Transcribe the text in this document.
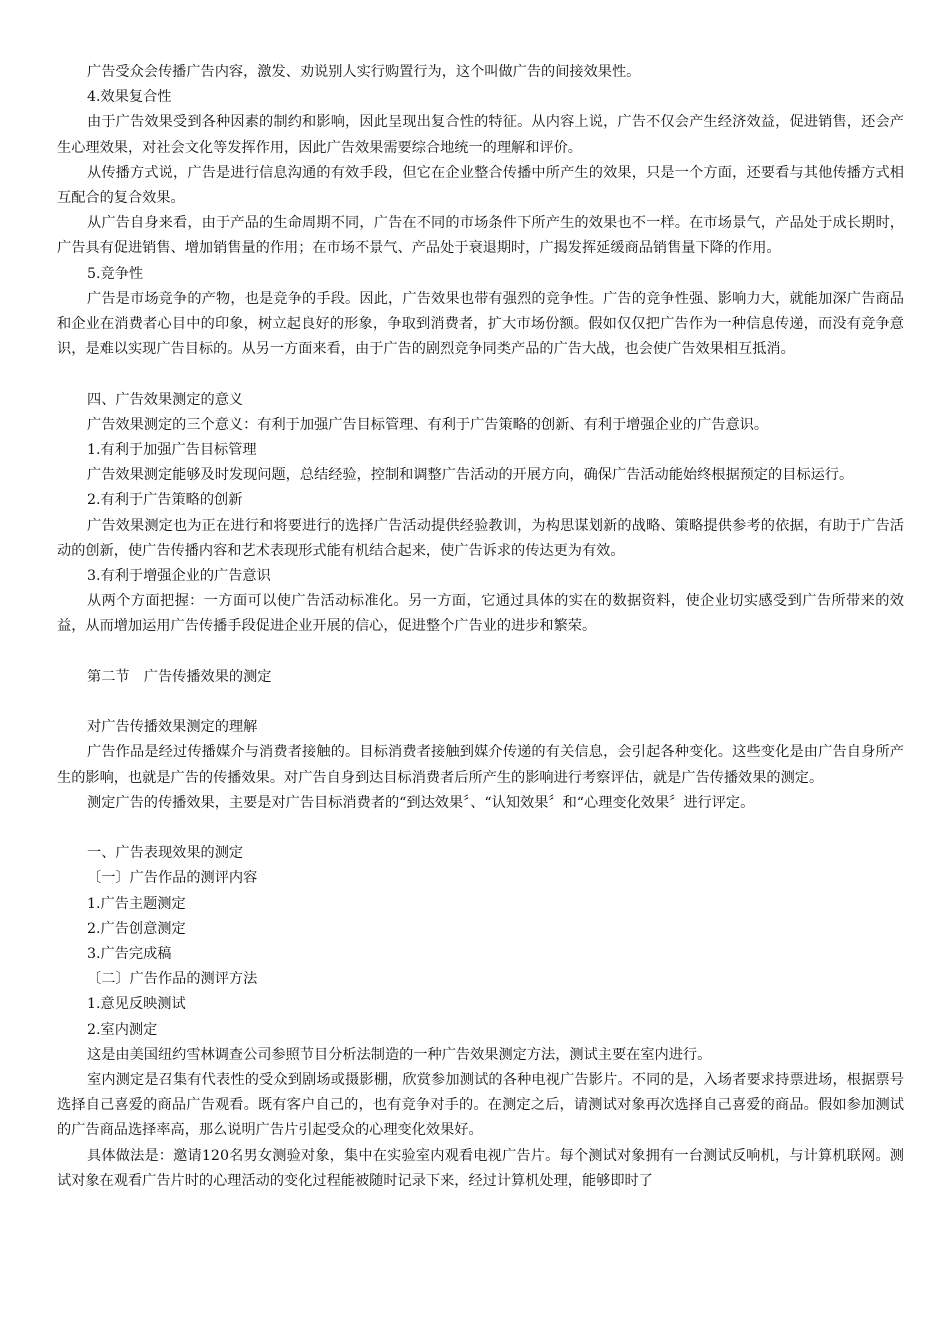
广告受众会传播广告内容，激发、劝说别人实行购置行为，这个叫做广告的间接效果性。

4.效果复合性

由于广告效果受到各种因素的制约和影响，因此呈现出复合性的特征。从内容上说，广告不仅会产生经济效益，促进销售，还会产生心理效果，对社会文化等发挥作用，因此广告效果需要综合地统一的理解和评价。

从传播方式说，广告是进行信息沟通的有效手段，但它在企业整合传播中所产生的效果，只是一个方面，还要看与其他传播方式相互配合的复合效果。

从广告自身来看，由于产品的生命周期不同，广告在不同的市场条件下所产生的效果也不一样。在市场景气，产品处于成长期时，广告具有促进销售、增加销售量的作用；在市场不景气、产品处于衰退期时，广揭发挥延缓商品销售量下降的作用。

5.竞争性

广告是市场竞争的产物，也是竞争的手段。因此，广告效果也带有强烈的竞争性。广告的竞争性强、影响力大，就能加深广告商品和企业在消费者心目中的印象，树立起良好的形象，争取到消费者，扩大市场份额。假如仅仅把广告作为一种信息传递，而没有竞争意识，是难以实现广告目标的。从另一方面来看，由于广告的剧烈竞争同类产品的广告大战，也会使广告效果相互抵消。

四、广告效果测定的意义

广告效果测定的三个意义：有利于加强广告目标管理、有利于广告策略的创新、有利于增强企业的广告意识。

1.有利于加强广告目标管理

广告效果测定能够及时发现问题，总结经验，控制和调整广告活动的开展方向，确保广告活动能始终根据预定的目标运行。

2.有利于广告策略的创新

广告效果测定也为正在进行和将要进行的选择广告活动提供经验教训，为构思谋划新的战略、策略提供参考的依据，有助于广告活动的创新，使广告传播内容和艺术表现形式能有机结合起来，使广告诉求的传达更为有效。

3.有利于增强企业的广告意识

从两个方面把握：一方面可以使广告活动标准化。另一方面，它通过具体的实在的数据资料，使企业切实感受到广告所带来的效益，从而增加运用广告传播手段促进企业开展的信心，促进整个广告业的进步和繁荣。

第二节　广告传播效果的测定

对广告传播效果测定的理解

广告作品是经过传播媒介与消费者接触的。目标消费者接触到媒介传递的有关信息，会引起各种变化。这些变化是由广告自身所产生的影响，也就是广告的传播效果。对广告自身到达目标消费者后所产生的影响进行考察评估，就是广告传播效果的测定。

测定广告的传播效果，主要是对广告目标消费者的“到达效果〞、“认知效果〞和“心理变化效果〞进行评定。

一、广告表现效果的测定

〔一〕广告作品的测评内容

1.广告主题测定

2.广告创意测定

3.广告完成稿

〔二〕广告作品的测评方法

1.意见反映测试

2.室内测定

这是由美国纽约雪林调查公司参照节目分析法制造的一种广告效果测定方法，测试主要在室内进行。

室内测定是召集有代表性的受众到剧场或摄影棚，欣赏参加测试的各种电视广告影片。不同的是，入场者要求持票进场，根据票号选择自己喜爱的商品广告观看。既有客户自己的，也有竞争对手的。在测定之后，请测试对象再次选择自己喜爱的商品。假如参加测试的广告商品选择率高，那么说明广告片引起受众的心理变化效果好。

具体做法是：邀请120名男女测验对象，集中在实验室内观看电视广告片。每个测试对象拥有一台测试反响机，与计算机联网。测试对象在观看广告片时的心理活动的变化过程能被随时记录下来，经过计算机处理，能够即时了
